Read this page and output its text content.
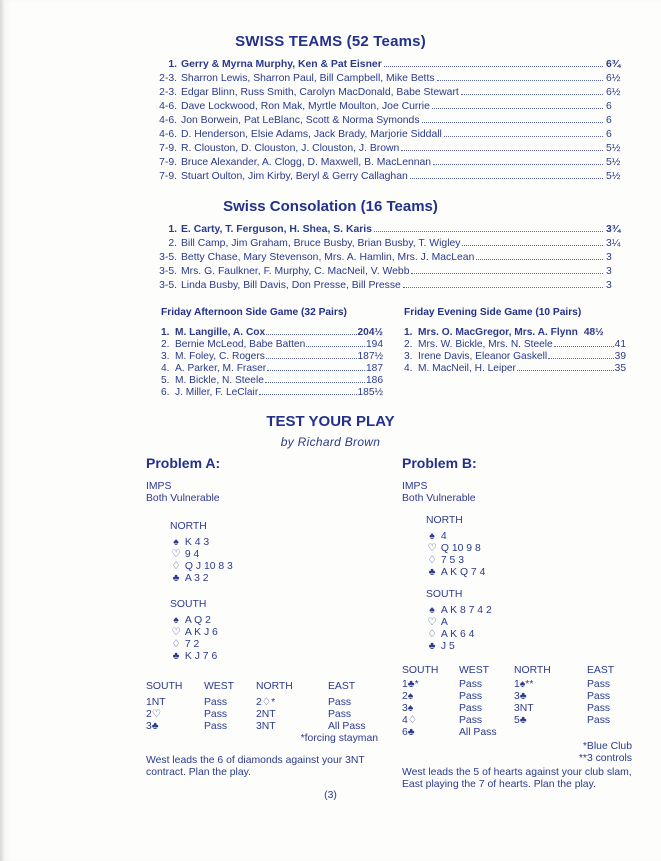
SWISS TEAMS (52 Teams)
1. Gerry & Myrna Murphy, Ken & Pat Eisner	6¾
2-3. Sharron Lewis, Sharron Paul, Bill Campbell, Mike Betts	6½
2-3. Edgar Blinn, Russ Smith, Carolyn MacDonald, Babe Stewart	6½
4-6. Dave Lockwood, Ron Mak, Myrtle Moulton, Joe Currie	6
4-6. Jon Borwein, Pat LeBlanc, Scott & Norma Symonds	6
4-6. D. Henderson, Elsie Adams, Jack Brady, Marjorie Siddall	6
7-9. R. Clouston, D. Clouston, J. Clouston, J. Brown	5½
7-9. Bruce Alexander, A. Clogg, D. Maxwell, B. MacLennan	5½
7-9. Stuart Oulton, Jim Kirby, Beryl & Gerry Callaghan	5½
Swiss Consolation (16 Teams)
1. E. Carty, T. Ferguson, H. Shea, S. Karis	3¾
2. Bill Camp, Jim Graham, Bruce Busby, Brian Busby, T. Wigley	3¼
3-5. Betty Chase, Mary Stevenson, Mrs. A. Hamlin, Mrs. J. MacLean	3
3-5. Mrs. G. Faulkner, F. Murphy, C. MacNeil, V. Webb	3
3-5. Linda Busby, Bill Davis, Don Presse, Bill Presse	3
Friday Afternoon Side Game (32 Pairs)
1. M. Langille, A. Cox	204½
2. Bernie McLeod, Babe Batten	194
3. M. Foley, C. Rogers	187½
4. A. Parker, M. Fraser	187
5. M. Bickle, N. Steele	186
6. J. Miller, F. LeClair	185½
Friday Evening Side Game (10 Pairs)
1. Mrs. O. MacGregor, Mrs. A. Flynn 48½
2. Mrs. W. Bickle, Mrs. N. Steele	41
3. Irene Davis, Eleanor Gaskell	39
4. M. MacNeil, H. Leiper	35
TEST YOUR PLAY
by Richard Brown
Problem A:
IMPS
Both Vulnerable
NORTH
♠
K 4 3
♡
9 4
♢
Q J 10 8 3
♣
A 3 2
SOUTH
♠
A Q 2
♡
A K J 6
♢
7 2
♣
K J 7 6
SOUTH	WEST	NORTH	EAST
1NT	Pass	2♢*	Pass
2♡	Pass	2NT	Pass
3♣	Pass	3NT	All Pass
*forcing stayman
West leads the 6 of diamonds against your 3NT contract. Plan the play.
Problem B:
IMPS
Both Vulnerable
NORTH
♠
4
♡
Q 10 9 8
♢
7 5 3
♣
A K Q 7 4
SOUTH
♠
A K 8 7 4 2
♡
A
♢
A K 6 4
♣
J 5
SOUTH	WEST	NORTH	EAST
1♣*	Pass	1♠**	Pass
2♠	Pass	3♣	Pass
3♠	Pass	3NT	Pass
4♢	Pass	5♣	Pass
6♣	All Pass
*Blue Club
**3 controls
West leads the 5 of hearts against your club slam, East playing the 7 of hearts. Plan the play.
(3)
